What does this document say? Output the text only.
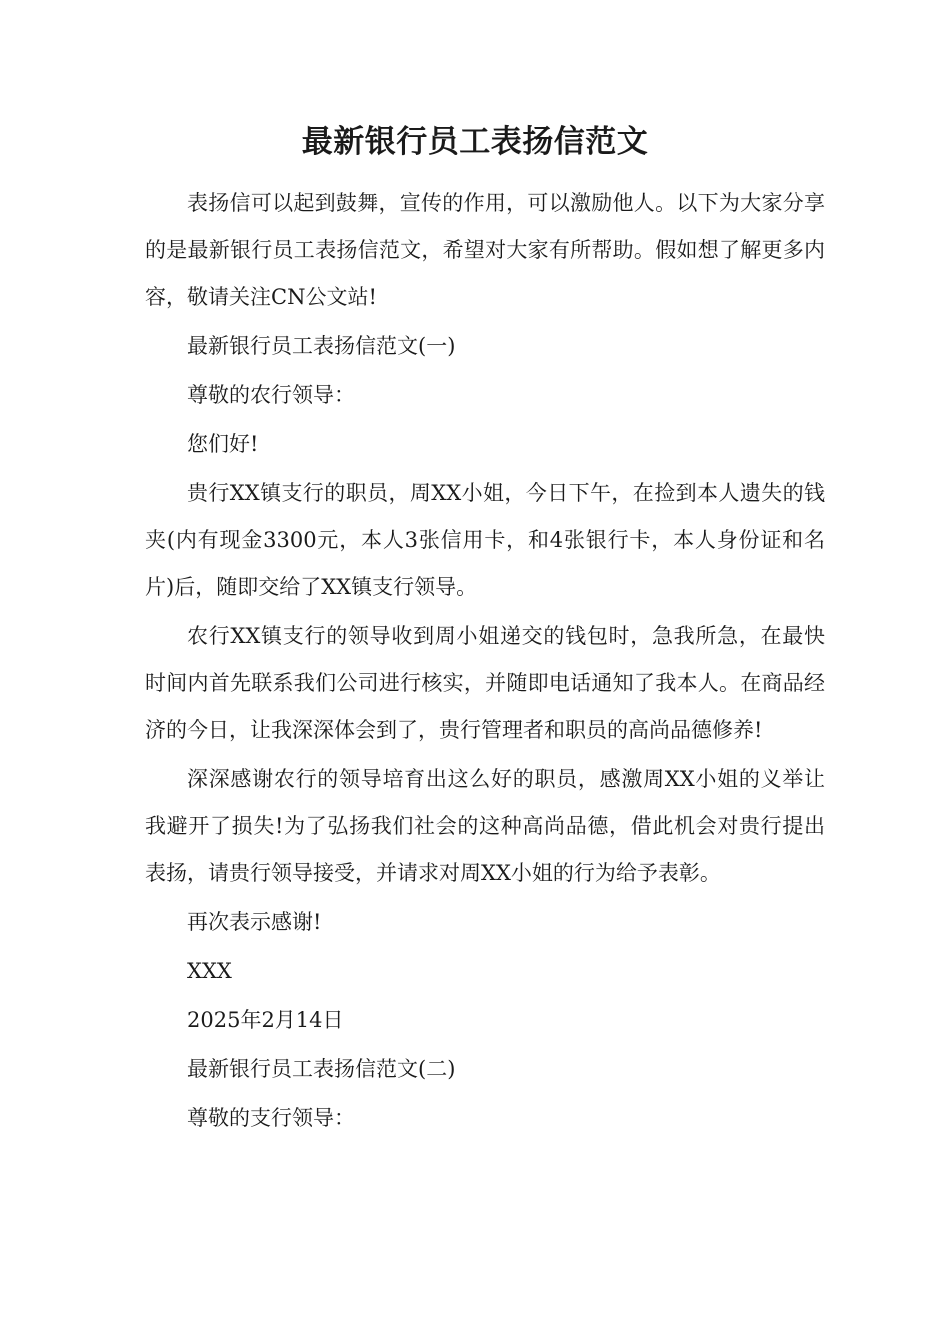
最新银行员工表扬信范文

表扬信可以起到鼓舞，宣传的作用，可以激励他人。以下为大家分享的是最新银行员工表扬信范文，希望对大家有所帮助。假如想了解更多内容，敬请关注CN公文站!

最新银行员工表扬信范文(一)

尊敬的农行领导：

您们好!

贵行XX镇支行的职员，周XX小姐，今日下午，在捡到本人遗失的钱夹(内有现金3300元，本人3张信用卡，和4张银行卡，本人身份证和名片)后，随即交给了XX镇支行领导。

农行XX镇支行的领导收到周小姐递交的钱包时，急我所急，在最快时间内首先联系我们公司进行核实，并随即电话通知了我本人。在商品经济的今日，让我深深体会到了，贵行管理者和职员的高尚品德修养!

深深感谢农行的领导培育出这么好的职员，感激周XX小姐的义举让我避开了损失!为了弘扬我们社会的这种高尚品德，借此机会对贵行提出表扬，请贵行领导接受，并请求对周XX小姐的行为给予表彰。

再次表示感谢!

XXX

2025年2月14日

最新银行员工表扬信范文(二)

尊敬的支行领导：
